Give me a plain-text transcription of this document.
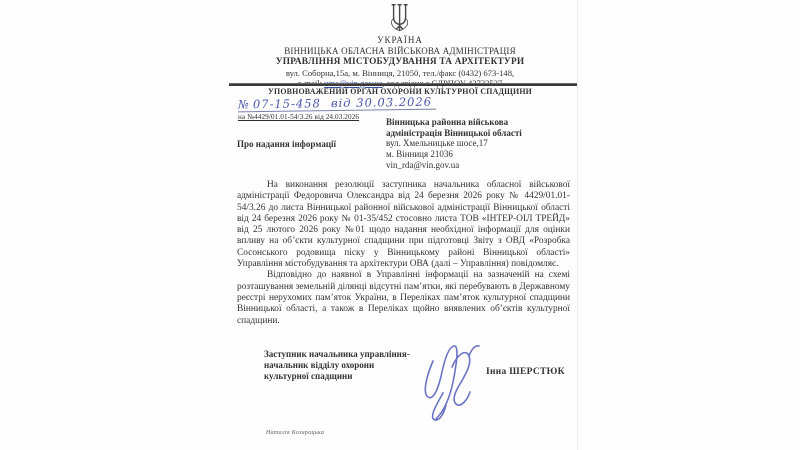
УКРАЇНА
ВІННИЦЬКА ОБЛАСНА ВІЙСЬКОВА АДМІНІСТРАЦІЯ
УПРАВЛІННЯ МІСТОБУДУВАННЯ ТА АРХІТЕКТУРИ
вул. Соборна,15а, м. Вінниця, 21050, тел./факс (0432) 673-148,
e-mail: uma@vin.gov.ua, код згідно з ЄДРПОУ 43723537
УПОВНОВАЖЕНИЙ ОРГАН ОХОРОНИ КУЛЬТУРНОЇ СПАДЩИНИ
№ 07-15-458 від 30.03.2026
на №4429/01.01-54/3.26 від 24.03.2026	Вінницька районна військова
адміністрація Вінницької області
вул. Хмельницьке шосе,17
м. Вінниця 21036
vin_rda@vin.gov.ua
Про надання інформації

На виконання резолюції заступника начальника обласної військової адміністрації Федоровича Олександра від 24 березня 2026 року № 4429/01.01-54/3.26 до листа Вінницької районної військової адміністрації Вінницької області від 24 березня 2026 року № 01-35/452 стосовно листа ТОВ «ІНТЕР-ОІЛ ТРЕЙД» від 25 лютого 2026 року №01 щодо надання необхідної інформації для оцінки впливу на об’єкти культурної спадщини при підготовці Звіту з ОВД «Розробка Сосонського родовища піску у Вінницькому районі Вінницької області» Управління містобудування та архітектури ОВА (далі – Управління) повідомляє.

Відповідно до наявної в Управлінні інформації на зазначеній на схемі розташування земельній ділянці відсутні пам’ятки, які перебувають в Державному реєстрі нерухомих пам’яток України, в Переліках пам’яток культурної спадщини Вінницької області, а також в Переліках щойно виявлених об’єктів культурної спадщини.

Заступник начальника управління-
начальник відділу охорони
культурної спадщини	Інна ШЕРСТЮК
Наталія Козирацька
